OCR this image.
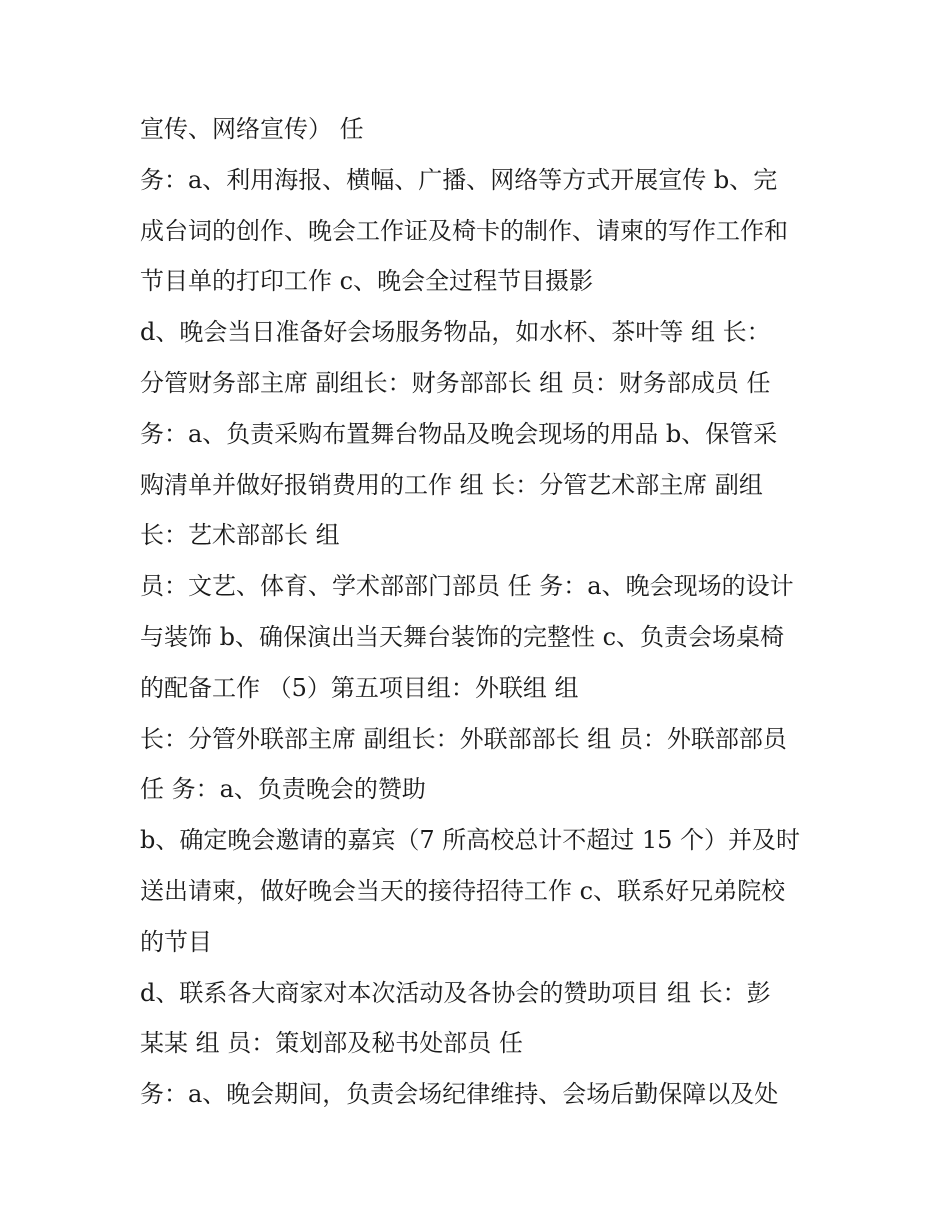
宣传、网络宣传） 任
务：a、利用海报、横幅、广播、网络等方式开展宣传 b、完
成台词的创作、晚会工作证及椅卡的制作、请柬的写作工作和
节目单的打印工作 c、晚会全过程节目摄影
d、晚会当日准备好会场服务物品，如水杯、茶叶等 组 长：
分管财务部主席 副组长：财务部部长 组 员：财务部成员 任
务：a、负责采购布置舞台物品及晚会现场的用品 b、保管采
购清单并做好报销费用的工作 组 长：分管艺术部主席 副组
长：艺术部部长 组
员：文艺、体育、学术部部门部员 任 务：a、晚会现场的设计
与装饰 b、确保演出当天舞台装饰的完整性 c、负责会场桌椅
的配备工作 （5）第五项目组：外联组 组
长：分管外联部主席 副组长：外联部部长 组 员：外联部部员
任 务：a、负责晚会的赞助
b、确定晚会邀请的嘉宾（7 所高校总计不超过 15 个）并及时
送出请柬，做好晚会当天的接待招待工作 c、联系好兄弟院校
的节目
d、联系各大商家对本次活动及各协会的赞助项目 组 长：彭
某某 组 员：策划部及秘书处部员 任
务：a、晚会期间，负责会场纪律维持、会场后勤保障以及处
